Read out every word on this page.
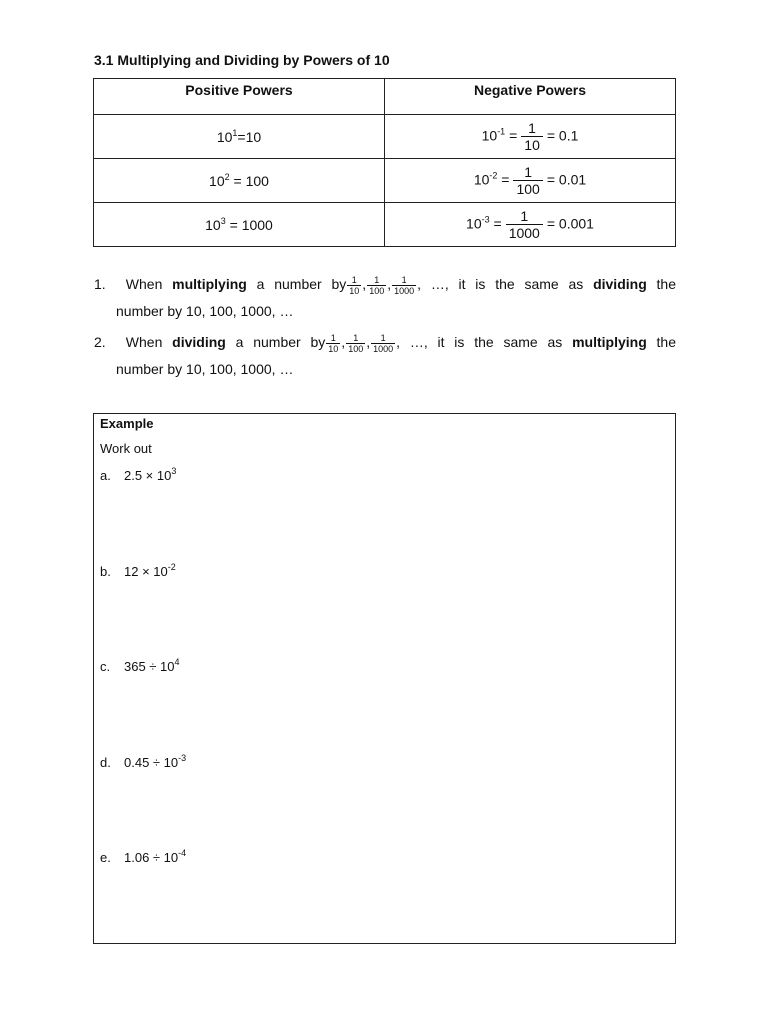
3.1 Multiplying and Dividing by Powers of 10
Positive Powers	Negative Powers
$10^1=10$	$10^{-1} = \frac{1}{10} = 0.1$
$10^2 = 100$	$10^{-2} = \frac{1}{100} = 0.01$
$10^3 = 1000$	$10^{-3} = \frac{1}{1000} = 0.001$
1. When multiplying a number by $\frac{1}{10}$ , $\frac{1}{100}$ , $\frac{1}{1000}$ , …, it is the same as dividing the
number by 10, 100, 1000, …
2. When dividing a number by $\frac{1}{10}$ , $\frac{1}{100}$ , $\frac{1}{1000}$ , …, it is the same as multiplying the
number by 10, 100, 1000, …
Example
Work out
a. $2.5 \times 10^3$
b. $12 \times 10^{-2}$
c. $365 \div 10^4$
d. $0.45 \div 10^{-3}$
e. $1.06 \div 10^{-4}$
